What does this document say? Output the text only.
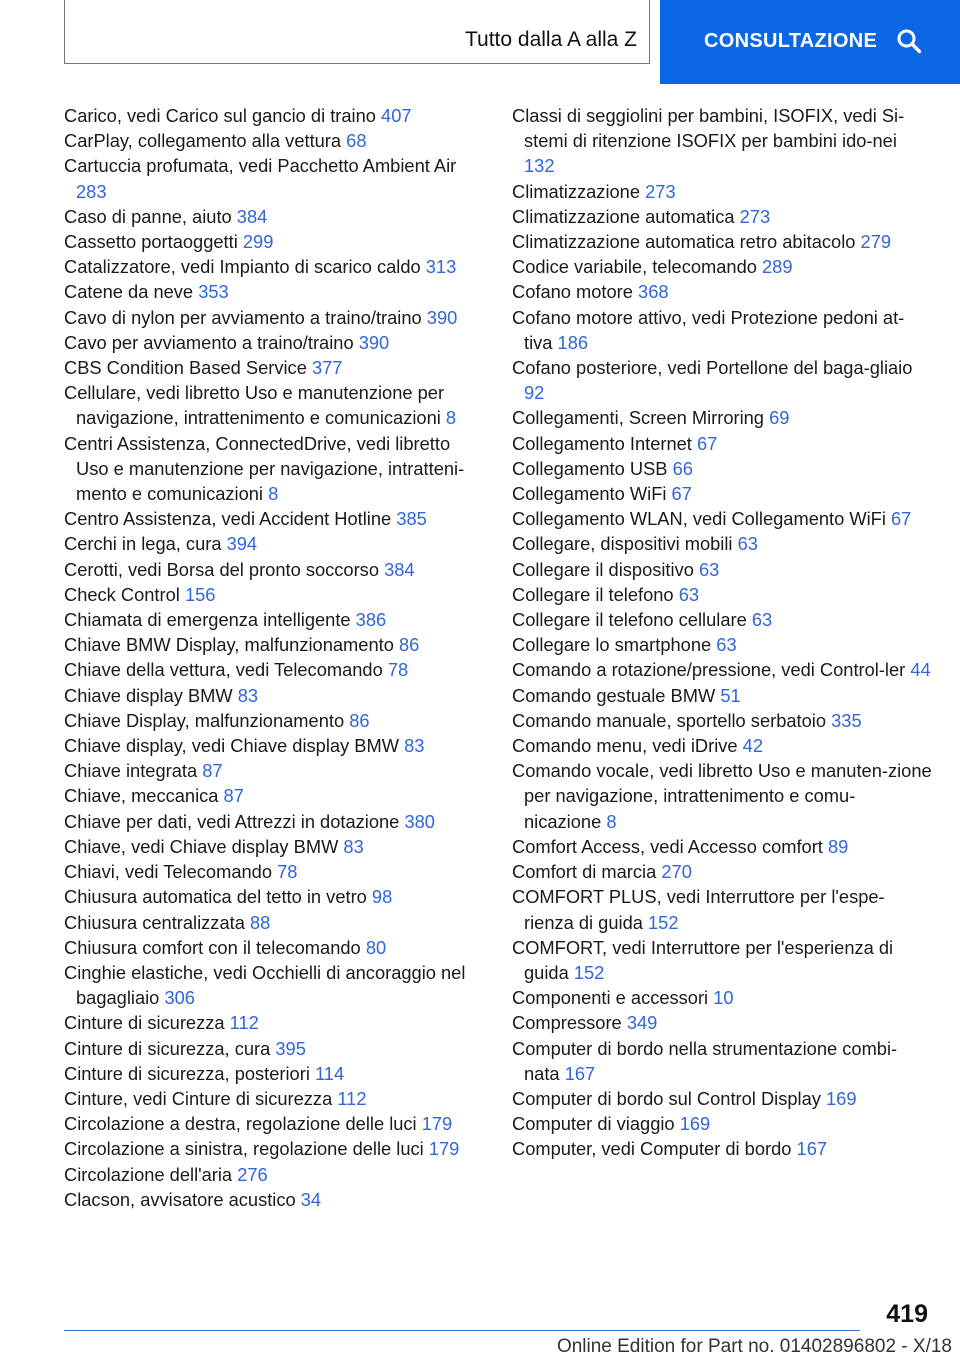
Tutto dalla A alla Z	CONSULTAZIONE
Carico, vedi Carico sul gancio di traino 407
CarPlay, collegamento alla vettura 68
Cartuccia profumata, vedi Pacchetto Ambient Air 283
Caso di panne, aiuto 384
Cassetto portaoggetti 299
Catalizzatore, vedi Impianto di scarico caldo 313
Catene da neve 353
Cavo di nylon per avviamento a traino/traino 390
Cavo per avviamento a traino/traino 390
CBS Condition Based Service 377
Cellulare, vedi libretto Uso e manutenzione per navigazione, intrattenimento e comunicazioni 8
Centri Assistenza, ConnectedDrive, vedi libretto Uso e manutenzione per navigazione, intratteni-mento e comunicazioni 8
Centro Assistenza, vedi Accident Hotline 385
Cerchi in lega, cura 394
Cerotti, vedi Borsa del pronto soccorso 384
Check Control 156
Chiamata di emergenza intelligente 386
Chiave BMW Display, malfunzionamento 86
Chiave della vettura, vedi Telecomando 78
Chiave display BMW 83
Chiave Display, malfunzionamento 86
Chiave display, vedi Chiave display BMW 83
Chiave integrata 87
Chiave, meccanica 87
Chiave per dati, vedi Attrezzi in dotazione 380
Chiave, vedi Chiave display BMW 83
Chiavi, vedi Telecomando 78
Chiusura automatica del tetto in vetro 98
Chiusura centralizzata 88
Chiusura comfort con il telecomando 80
Cinghie elastiche, vedi Occhielli di ancoraggio nel bagagliaio 306
Cinture di sicurezza 112
Cinture di sicurezza, cura 395
Cinture di sicurezza, posteriori 114
Cinture, vedi Cinture di sicurezza 112
Circolazione a destra, regolazione delle luci 179
Circolazione a sinistra, regolazione delle luci 179
Circolazione dell'aria 276
Clacson, avvisatore acustico 34
Classi di seggiolini per bambini, ISOFIX, vedi Si-stemi di ritenzione ISOFIX per bambini ido-nei 132
Climatizzazione 273
Climatizzazione automatica 273
Climatizzazione automatica retro abitacolo 279
Codice variabile, telecomando 289
Cofano motore 368
Cofano motore attivo, vedi Protezione pedoni at-tiva 186
Cofano posteriore, vedi Portellone del baga-gliaio 92
Collegamenti, Screen Mirroring 69
Collegamento Internet 67
Collegamento USB 66
Collegamento WiFi 67
Collegamento WLAN, vedi Collegamento WiFi 67
Collegare, dispositivi mobili 63
Collegare il dispositivo 63
Collegare il telefono 63
Collegare il telefono cellulare 63
Collegare lo smartphone 63
Comando a rotazione/pressione, vedi Control-ler 44
Comando gestuale BMW 51
Comando manuale, sportello serbatoio 335
Comando menu, vedi iDrive 42
Comando vocale, vedi libretto Uso e manuten-zione per navigazione, intrattenimento e comu-nicazione 8
Comfort Access, vedi Accesso comfort 89
Comfort di marcia 270
COMFORT PLUS, vedi Interruttore per l'espe-rienza di guida 152
COMFORT, vedi Interruttore per l'esperienza di guida 152
Componenti e accessori 10
Compressore 349
Computer di bordo nella strumentazione combi-nata 167
Computer di bordo sul Control Display 169
Computer di viaggio 169
Computer, vedi Computer di bordo 167
419
Online Edition for Part no. 01402896802 - X/18
